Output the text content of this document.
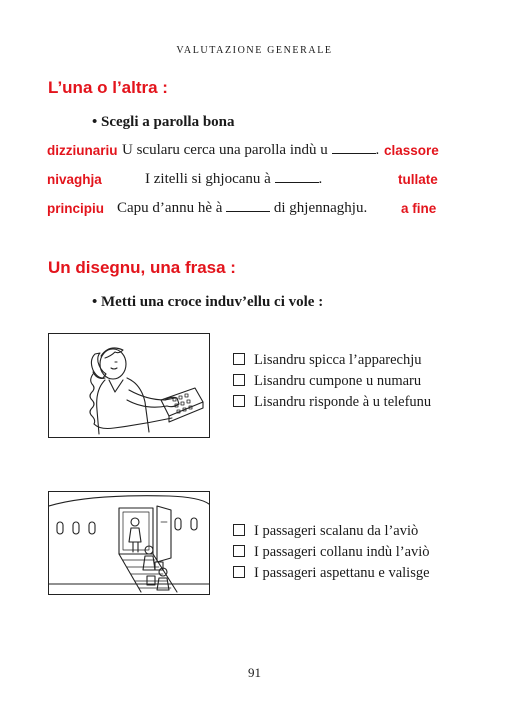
VALUTAZIONE GENERALE
L’una o l’altra :
• Scegli a parolla bona
dizziunariu U scularu cerca una parolla indù u	. classore
nivaghja	I zitelli si ghjocanu à	.	tullate
principiu Capu d’annu hè à	di ghjennaghju.	a fine
Un disegnu, una frasa :
• Metti una croce induv’ellu ci vole :
Lisandru spicca l’apparechju
Lisandru cumpone u numaru
Lisandru risponde à u telefunu
I passageri scalanu da l’aviò
I passageri collanu indù l’aviò
I passageri aspettanu e valisge
91
